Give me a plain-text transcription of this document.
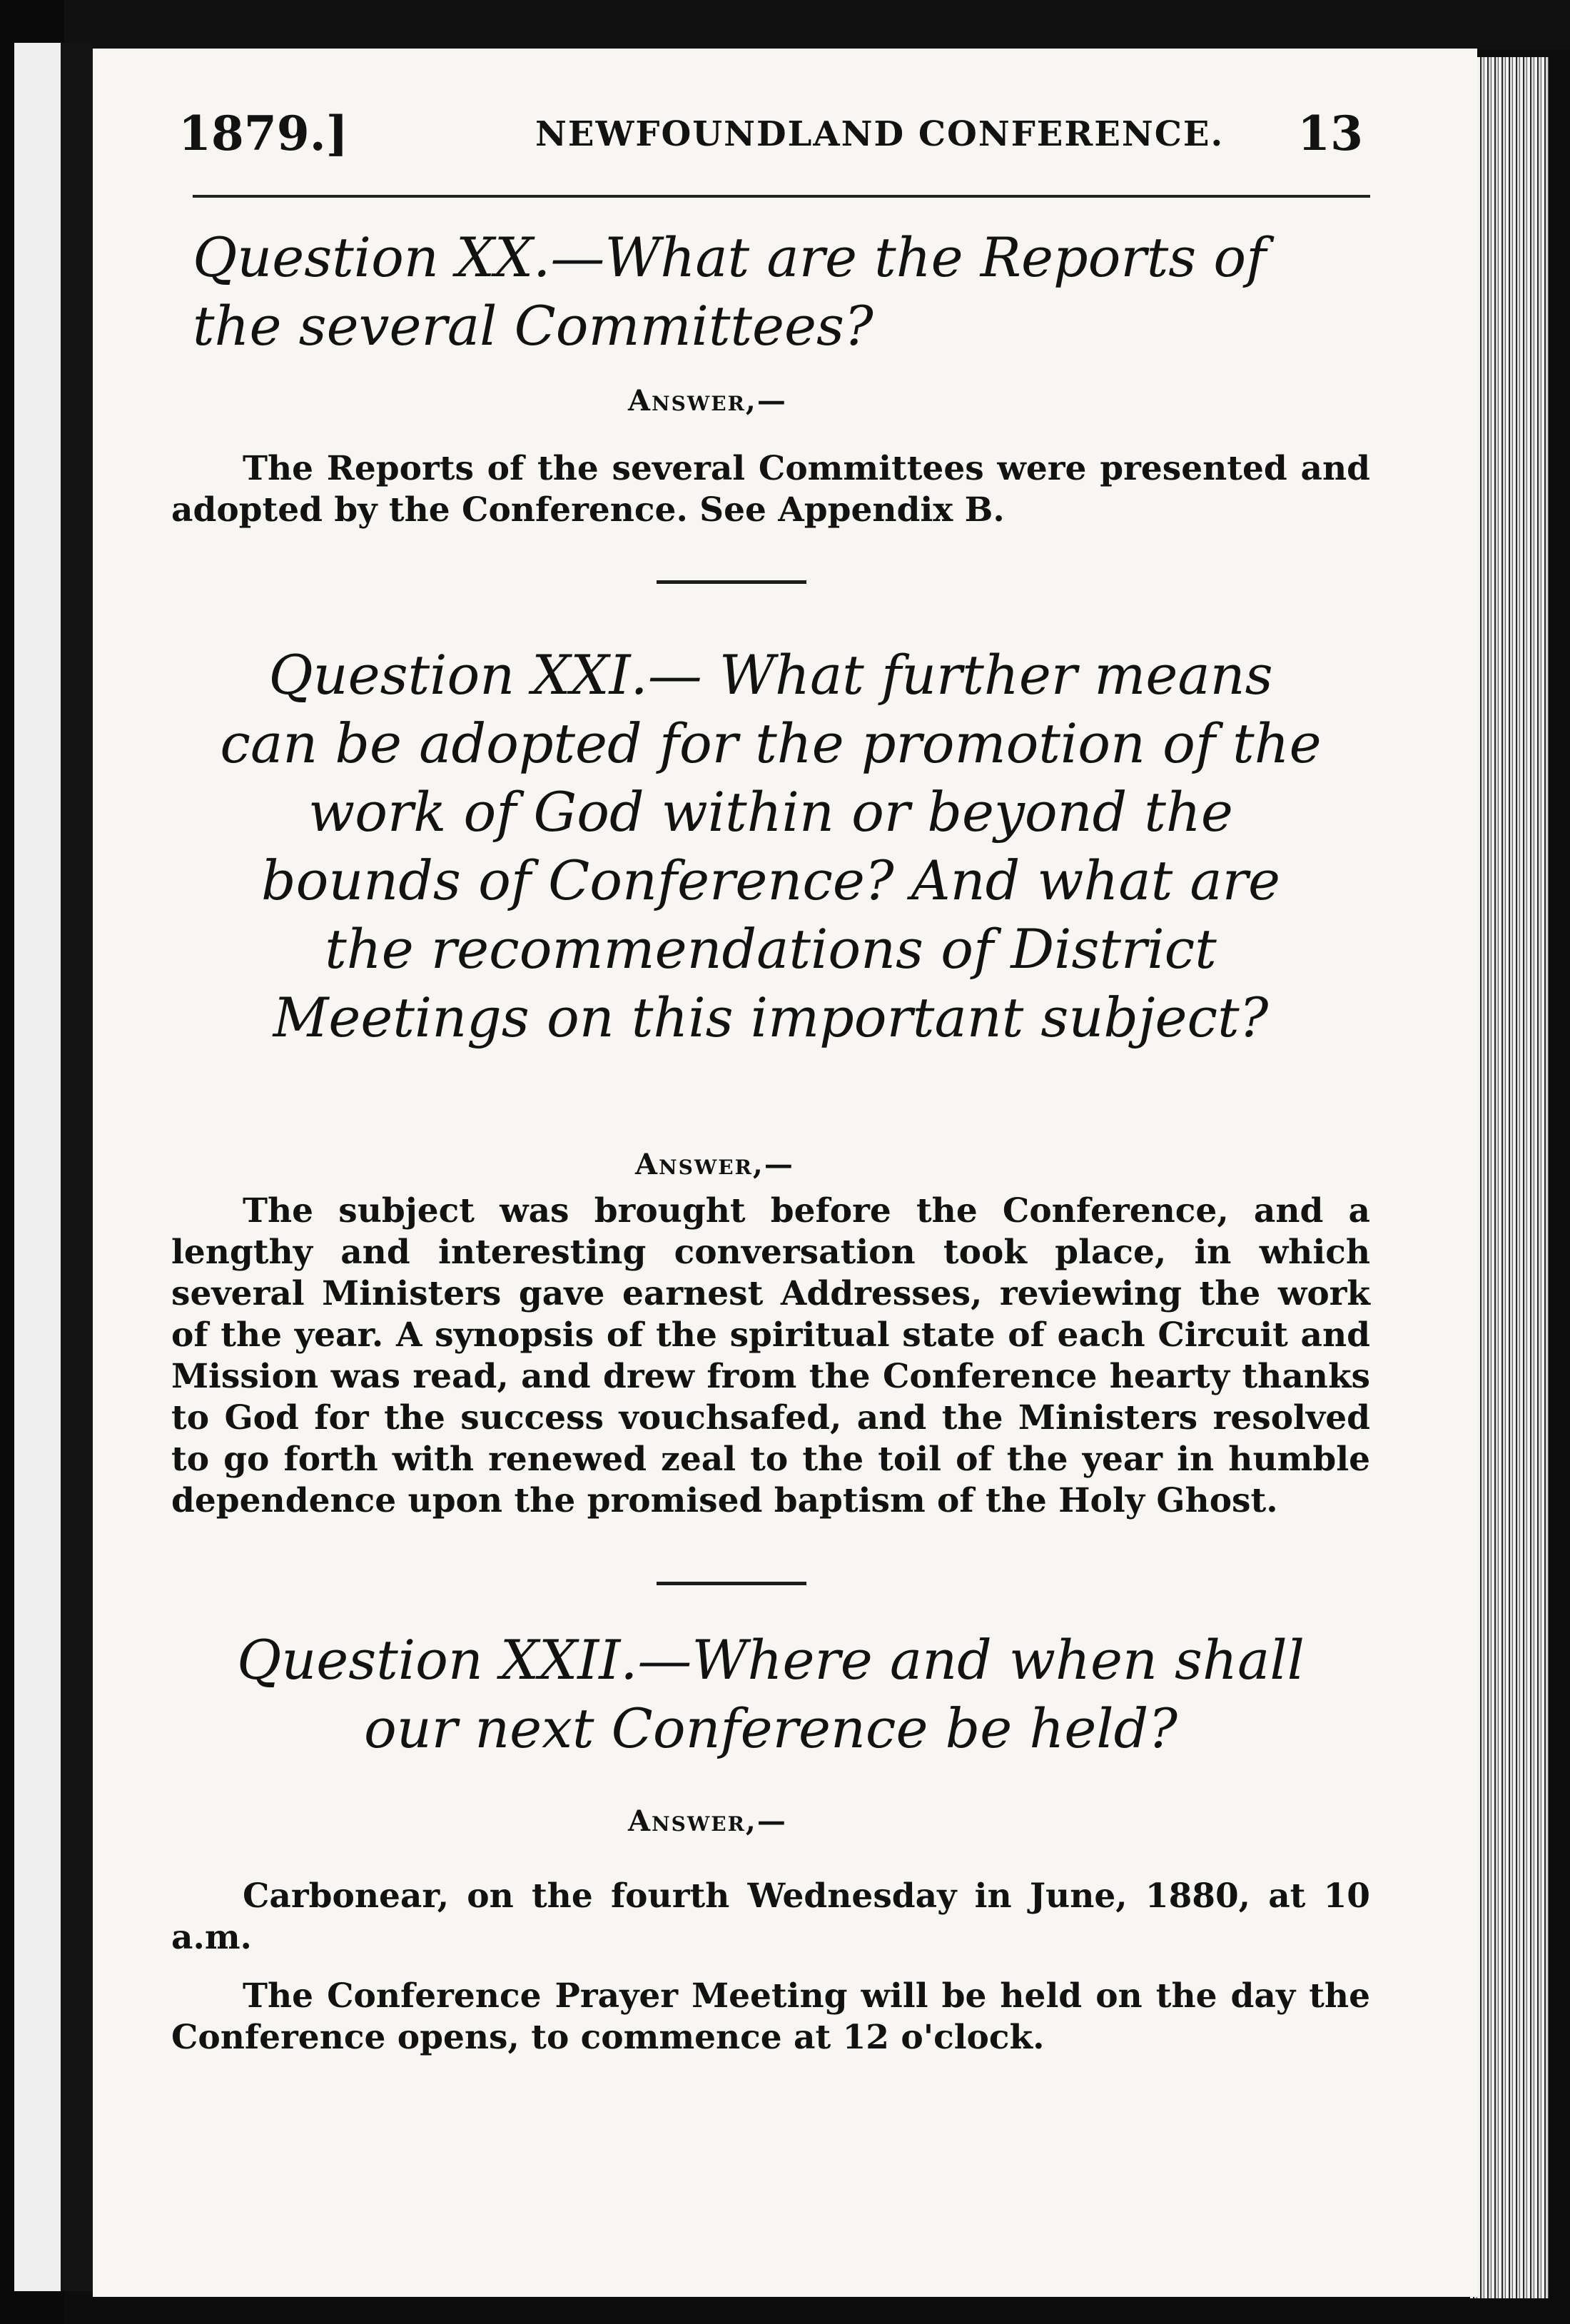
1879.]	NEWFOUNDLAND CONFERENCE. 13
Question XX.—What are the Reports of the several Committees?
Answer,—
The Reports of the several Committees were presented and adopted by the Conference. See Appendix B.
Question XXI.— What further means can be adopted for the promotion of the work of God within or beyond the bounds of Conference? And what are the recommendations of District Meetings on this important subject?
Answer,—
The subject was brought before the Conference, and a lengthy and interesting conversation took place, in which several Ministers gave earnest Addresses, reviewing the work of the year. A synopsis of the spiritual state of each Circuit and Mission was read, and drew from the Conference hearty thanks to God for the success vouchsafed, and the Ministers resolved to go forth with renewed zeal to the toil of the year in humble dependence upon the promised baptism of the Holy Ghost.
Question XXII.—Where and when shall our next Conference be held?
Answer,—
Carbonear, on the fourth Wednesday in June, 1880, at 10 a.m.
The Conference Prayer Meeting will be held on the day the Conference opens, to commence at 12 o'clock.
